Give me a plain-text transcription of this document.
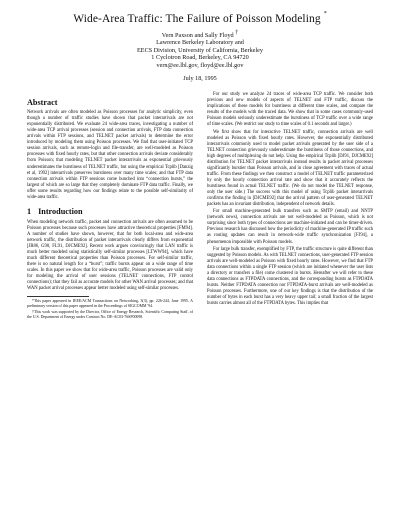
Wide-Area Traffic: The Failure of Poisson Modeling *
Vern Paxson and Sally Floyd †
Lawrence Berkeley Laboratory and
EECS Division, University of California, Berkeley
1 Cyclotron Road, Berkeley, CA 94720
vern@ee.lbl.gov, floyd@ee.lbl.gov
July 18, 1995
Abstract

Network arrivals are often modeled as Poisson processes for analytic simplicity, even though a number of traffic studies have shown that packet interarrivals are not exponentially distributed. We evaluate 24 wide-area traces, investigating a number of wide-area TCP arrival processes (session and connection arrivals, FTP data connection arrivals within FTP sessions, and TELNET packet arrivals) to determine the error introduced by modeling them using Poisson processes. We find that user-initiated TCP session arrivals, such as remote-login and file-transfer, are well-modeled as Poisson processes with fixed hourly rates, but that other connection arrivals deviate considerably from Poisson; that modeling TELNET packet interarrivals as exponential grievously underestimates the burstiness of TELNET traffic, but using the empirical Tcplib [Danzig et al, 1992] interarrivals preserves burstiness over many time scales; and that FTP data connection arrivals within FTP sessions come bunched into “connection bursts,” the largest of which are so large that they completely dominate FTP data traffic. Finally, we offer some results regarding how our findings relate to the possible self-similarity of wide-area traffic.

1 Introduction

When modeling network traffic, packet and connection arrivals are often assumed to be Poisson processes because such processes have attractive theoretical properties [FM94]. A number of studies have shown, however, that for both local-area and wide-area network traffic, the distribution of packet interarrivals clearly differs from exponential [JR86, G90, FL91, DJCME92]. Recent work argues convincingly that LAN traffic is much better modeled using statistically self-similar processes [LTWW94], which have much different theoretical properties than Poisson processes. For self-similar traffic, there is no natural length for a “burst”; traffic bursts appear on a wide range of time scales. In this paper we show that for wide-area traffic, Poisson processes are valid only for modeling the arrival of user sessions (TELNET connections, FTP control connections); that they fail as accurate models for other WAN arrival processes; and that WAN packet arrival processes appear better modeled using self-similar processes.

*This paper appeared in IEEE/ACM Transactions on Networking, 3(3), pp. 226-244, June 1995. A preliminary version of this paper appeared in the Proceedings of SIGCOMM '94.

†This work was supported by the Director, Office of Energy Research, Scientific Computing Staff, of the U.S. Department of Energy under Contract No. DE-AC03-76SF00098.

For our study we analyze 24 traces of wide-area TCP traffic. We consider both previous and new models of aspects of TELNET and FTP traffic, discuss the implications of these models for burstiness at different time scales, and compare the results of the models with the traced data. We show that in some cases commonly-used Poisson models seriously underestimate the burstiness of TCP traffic over a wide range of time scales. (We restrict our study to time scales of 0.1 seconds and larger.)

We first show that for interactive TELNET traffic, connection arrivals are well modeled as Poisson with fixed hourly rates. However, the exponentially distributed interarrivals commonly used to model packet arrivals generated by the user side of a TELNET connection grievously underestimate the burstiness of those connections, and high degrees of multiplexing do not help. Using the empirical Tcplib [DJ91, DJCME92] distribution for TELNET packet interarrivals instead results in packet arrival processes significantly burstier than Poisson arrivals, and in close agreement with traces of actual traffic. From these findings we then construct a model of TELNET traffic parameterized by only the hourly connection arrival rate and show that it accurately reflects the burstiness found in actual TELNET traffic. (We do not model the TELNET response, only the user side.) The success with this model of using Tcplib packet interarrivals confirms the finding in [DJCME92] that the arrival pattern of user-generated TELNET packets has an invariant distribution, independent of network details.

For small machine-generated bulk transfers such as SMTP (email) and NNTP (network news), connection arrivals are not well-modeled as Poisson, which is not surprising since both types of connections are machine-initiated and can be timer-driven. Previous research has discussed how the periodicity of machine-generated IP traffic such as routing updates can result in network-wide traffic synchronization [FJ94], a phenomenon impossible with Poisson models.

For large bulk transfer, exemplified by FTP, the traffic structure is quite different than suggested by Poisson models. As with TELNET connections, user-generated FTP session arrivals are well-modeled as Poisson with fixed hourly rates. However, we find that FTP data connections within a single FTP session (which are initiated whenever the user lists a directory or transfers a file) come clustered in bursts. Hereafter we will refer to these data connections as FTPDATA connections, and the corresponding bursts as FTPDATA bursts. Neither FTPDATA connection nor FTPDATA-burst arrivals are well-modeled as Poisson processes. Furthermore, one of our key findings is that the distribution of the number of bytes in each burst has a very heavy upper tail; a small fraction of the largest bursts carries almost all of the FTPDATA bytes. This implies that
